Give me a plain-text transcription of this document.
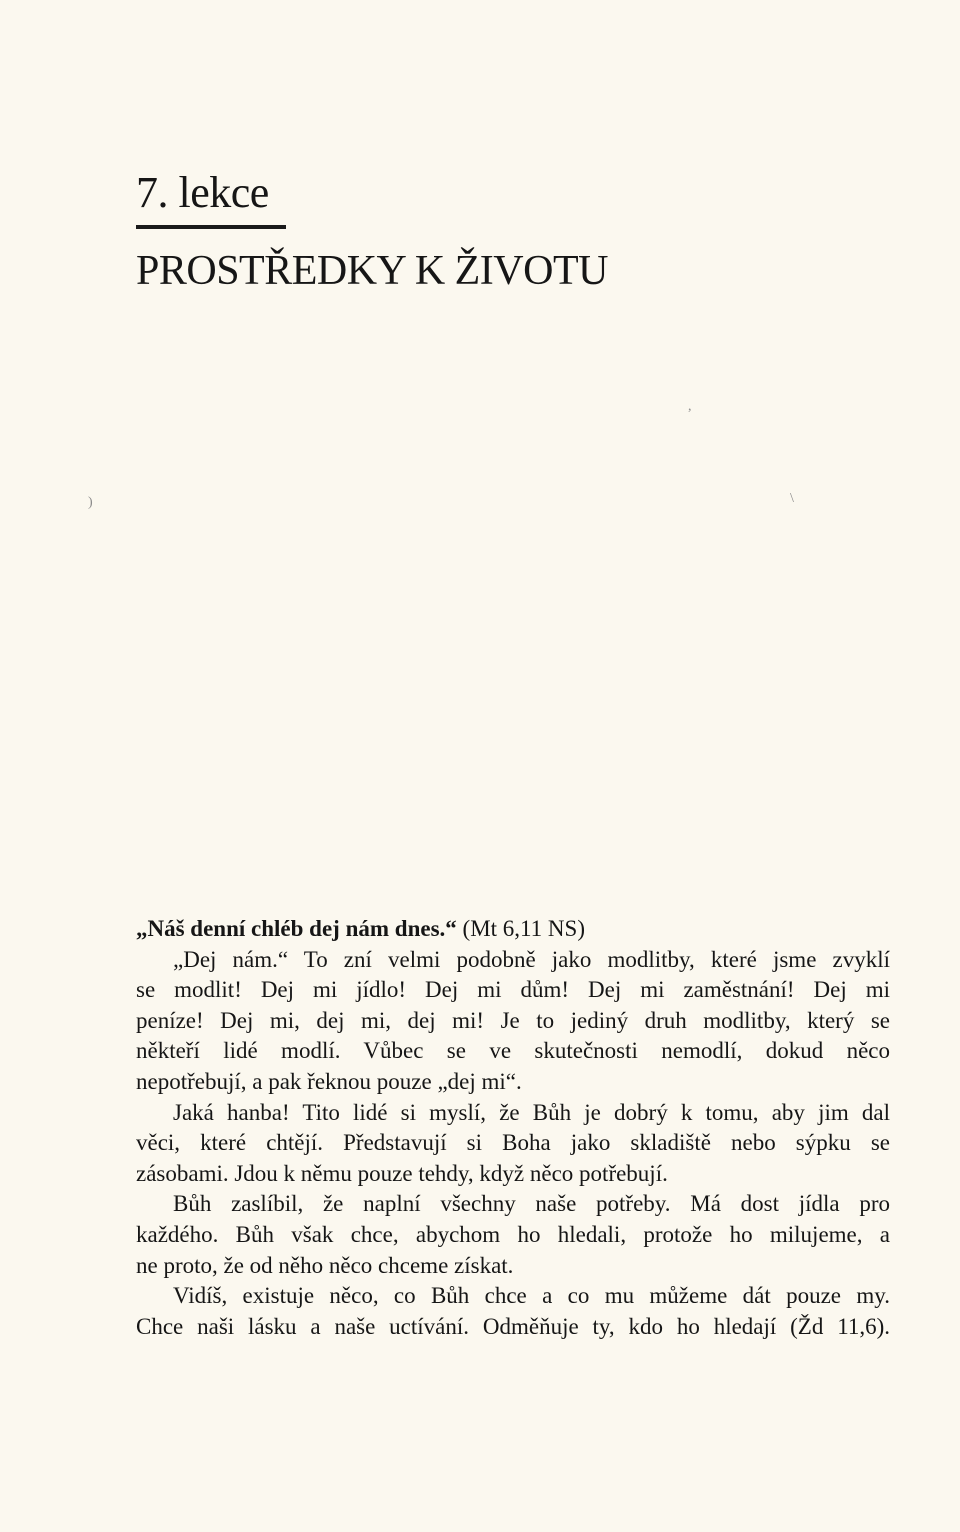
7. lekce
PROSTŘEDKY K ŽIVOTU
)	\
,
„Náš denní chléb dej nám dnes.“ (Mt 6,11 NS)
„Dej nám.“ To zní velmi podobně jako modlitby, které jsme zvyklí
se modlit! Dej mi jídlo! Dej mi dům! Dej mi zaměstnání! Dej mi
peníze! Dej mi, dej mi, dej mi! Je to jediný druh modlitby, který se
někteří lidé modlí. Vůbec se ve skutečnosti nemodlí, dokud něco
nepotřebují, a pak řeknou pouze „dej mi“.
Jaká hanba! Tito lidé si myslí, že Bůh je dobrý k tomu, aby jim dal
věci, které chtějí. Představují si Boha jako skladiště nebo sýpku se
zásobami. Jdou k němu pouze tehdy, když něco potřebují.
Bůh zaslíbil, že naplní všechny naše potřeby. Má dost jídla pro
každého. Bůh však chce, abychom ho hledali, protože ho milujeme, a
ne proto, že od něho něco chceme získat.
Vidíš, existuje něco, co Bůh chce a co mu můžeme dát pouze my.
Chce naši lásku a naše uctívání. Odměňuje ty, kdo ho hledají (Žd 11,6).
